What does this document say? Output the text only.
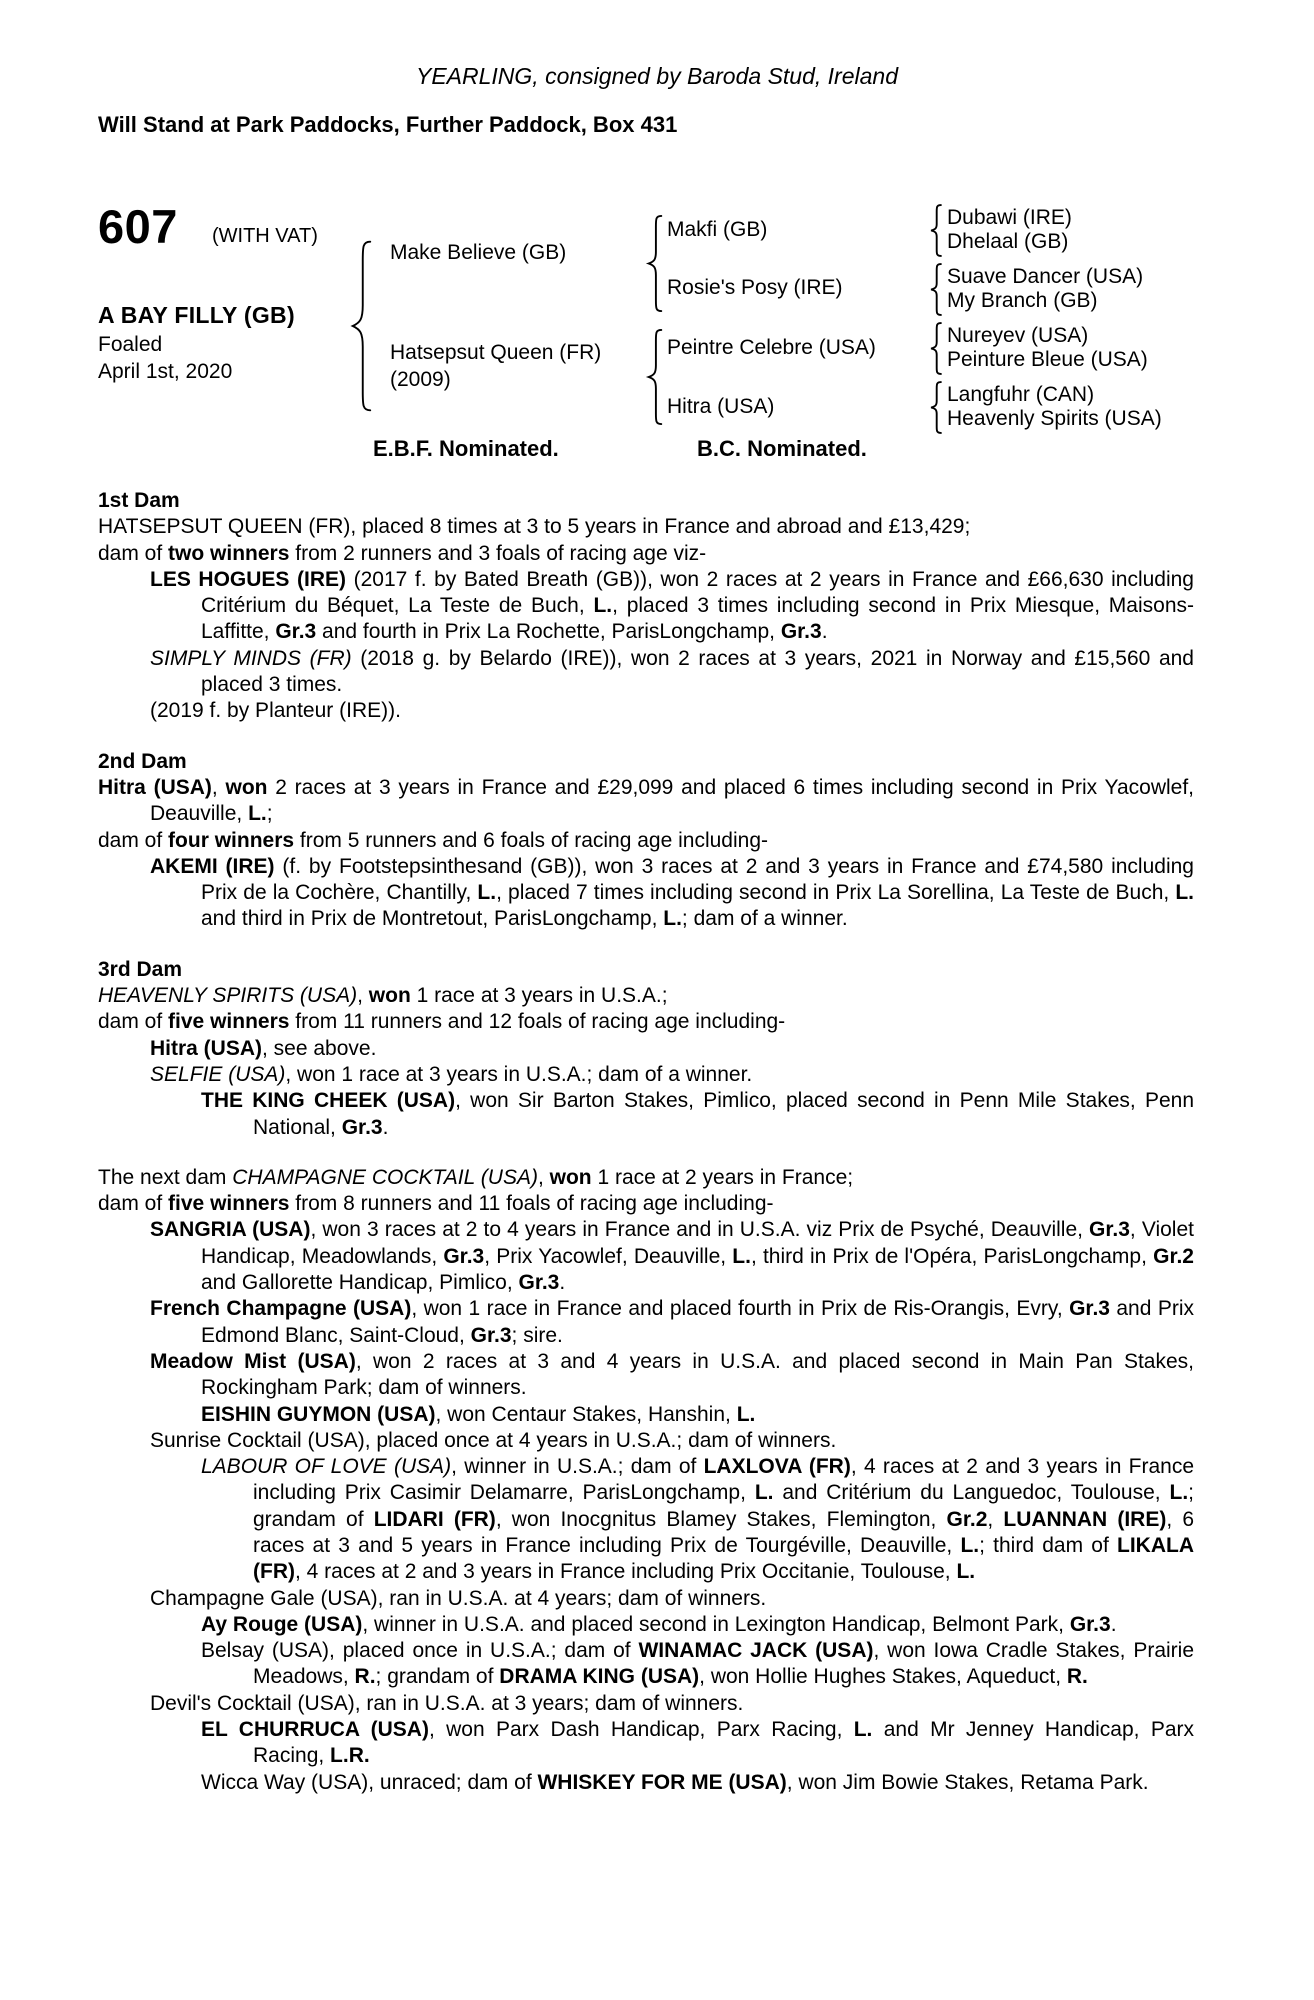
YEARLING, consigned by Baroda Stud, Ireland
Will Stand at Park Paddocks, Further Paddock, Box 431
607 (WITH VAT)
A BAY FILLY (GB)
Foaled
April 1st, 2020
Make Believe (GB)
Hatsepsut Queen (FR)
(2009)
Makfi (GB)
Rosie's Posy (IRE)
Peintre Celebre (USA)
Hitra (USA)
Dubawi (IRE)
Dhelaal (GB)
Suave Dancer (USA)
My Branch (GB)
Nureyev (USA)
Peinture Bleue (USA)
Langfuhr (CAN)
Heavenly Spirits (USA)
E.B.F. Nominated.	B.C. Nominated.
1st Dam
HATSEPSUT QUEEN (FR), placed 8 times at 3 to 5 years in France and abroad and £13,429;
dam of two winners from 2 runners and 3 foals of racing age viz-
LES HOGUES (IRE) (2017 f. by Bated Breath (GB)), won 2 races at 2 years in France and £66,630 including Critérium du Béquet, La Teste de Buch, L., placed 3 times including second in Prix Miesque, Maisons-Laffitte, Gr.3 and fourth in Prix La Rochette, ParisLongchamp, Gr.3.
SIMPLY MINDS (FR) (2018 g. by Belardo (IRE)), won 2 races at 3 years, 2021 in Norway and £15,560 and placed 3 times.
(2019 f. by Planteur (IRE)).
2nd Dam
Hitra (USA), won 2 races at 3 years in France and £29,099 and placed 6 times including second in Prix Yacowlef, Deauville, L.;
dam of four winners from 5 runners and 6 foals of racing age including-
AKEMI (IRE) (f. by Footstepsinthesand (GB)), won 3 races at 2 and 3 years in France and £74,580 including Prix de la Cochère, Chantilly, L., placed 7 times including second in Prix La Sorellina, La Teste de Buch, L. and third in Prix de Montretout, ParisLongchamp, L.; dam of a winner.
3rd Dam
HEAVENLY SPIRITS (USA), won 1 race at 3 years in U.S.A.;
dam of five winners from 11 runners and 12 foals of racing age including-
Hitra (USA), see above.
SELFIE (USA), won 1 race at 3 years in U.S.A.; dam of a winner.
THE KING CHEEK (USA), won Sir Barton Stakes, Pimlico, placed second in Penn Mile Stakes, Penn National, Gr.3.
The next dam CHAMPAGNE COCKTAIL (USA), won 1 race at 2 years in France;
dam of five winners from 8 runners and 11 foals of racing age including-
SANGRIA (USA), won 3 races at 2 to 4 years in France and in U.S.A. viz Prix de Psyché, Deauville, Gr.3, Violet Handicap, Meadowlands, Gr.3, Prix Yacowlef, Deauville, L., third in Prix de l'Opéra, ParisLongchamp, Gr.2 and Gallorette Handicap, Pimlico, Gr.3.
French Champagne (USA), won 1 race in France and placed fourth in Prix de Ris-Orangis, Evry, Gr.3 and Prix Edmond Blanc, Saint-Cloud, Gr.3; sire.
Meadow Mist (USA), won 2 races at 3 and 4 years in U.S.A. and placed second in Main Pan Stakes, Rockingham Park; dam of winners.
EISHIN GUYMON (USA), won Centaur Stakes, Hanshin, L.
Sunrise Cocktail (USA), placed once at 4 years in U.S.A.; dam of winners.
LABOUR OF LOVE (USA), winner in U.S.A.; dam of LAXLOVA (FR), 4 races at 2 and 3 years in France including Prix Casimir Delamarre, ParisLongchamp, L. and Critérium du Languedoc, Toulouse, L.; grandam of LIDARI (FR), won Inocgnitus Blamey Stakes, Flemington, Gr.2, LUANNAN (IRE), 6 races at 3 and 5 years in France including Prix de Tourgéville, Deauville, L.; third dam of LIKALA (FR), 4 races at 2 and 3 years in France including Prix Occitanie, Toulouse, L.
Champagne Gale (USA), ran in U.S.A. at 4 years; dam of winners.
Ay Rouge (USA), winner in U.S.A. and placed second in Lexington Handicap, Belmont Park, Gr.3.
Belsay (USA), placed once in U.S.A.; dam of WINAMAC JACK (USA), won Iowa Cradle Stakes, Prairie Meadows, R.; grandam of DRAMA KING (USA), won Hollie Hughes Stakes, Aqueduct, R.
Devil's Cocktail (USA), ran in U.S.A. at 3 years; dam of winners.
EL CHURRUCA (USA), won Parx Dash Handicap, Parx Racing, L. and Mr Jenney Handicap, Parx Racing, L.R.
Wicca Way (USA), unraced; dam of WHISKEY FOR ME (USA), won Jim Bowie Stakes, Retama Park.
